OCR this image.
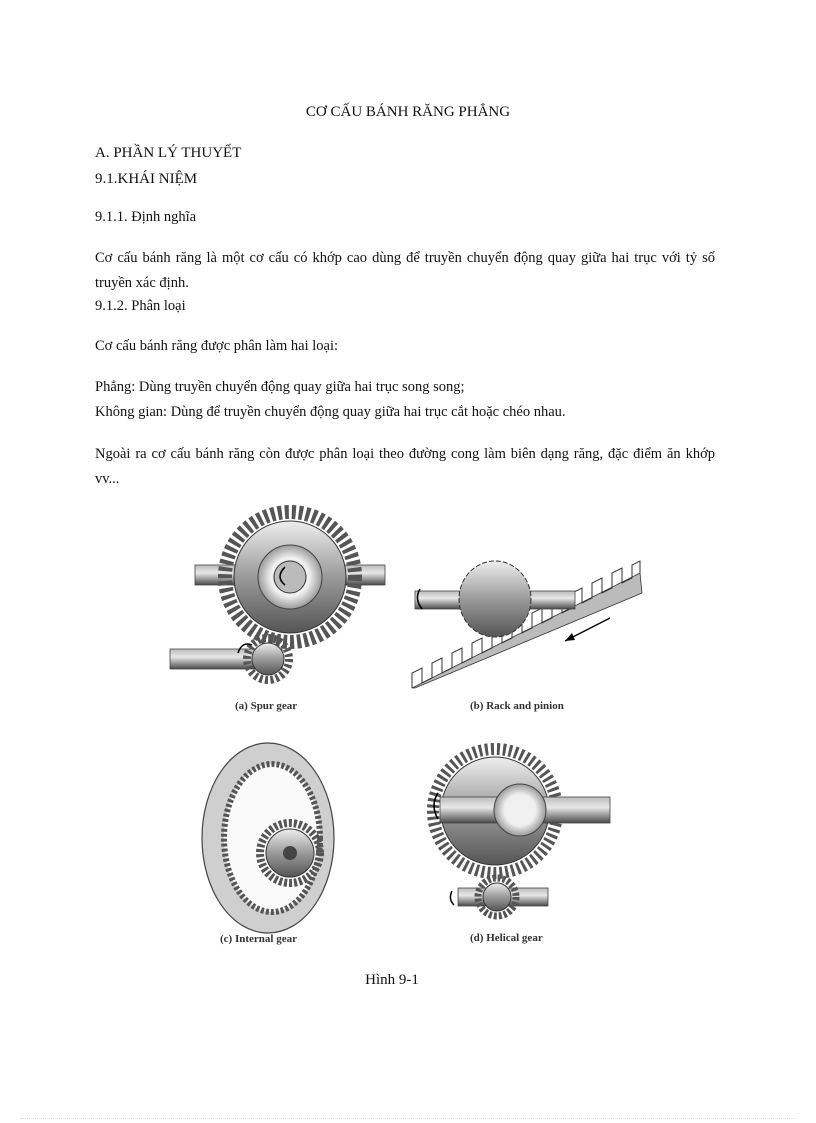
CƠ CẤU BÁNH RĂNG PHẲNG
A. PHẦN LÝ THUYẾT
9.1.KHÁI NIỆM
9.1.1. Định nghĩa
Cơ cấu bánh răng là một cơ cấu có khớp cao dùng để truyền chuyển động quay giữa hai trục với tỷ số truyền xác định.
9.1.2. Phân loại
Cơ cấu bánh răng được phân làm hai loại:
Phẳng: Dùng truyền chuyển động quay giữa hai trục song song;
Không gian: Dùng để truyền chuyển động quay giữa hai trục cắt hoặc chéo nhau.
Ngoài ra cơ cấu bánh răng còn được phân loại theo đường cong làm biên dạng răng, đặc điểm ăn khớp vv...
(a) Spur gear	(b) Rack and pinion
(c) Internal gear	(d) Helical gear
Hình 9-1
